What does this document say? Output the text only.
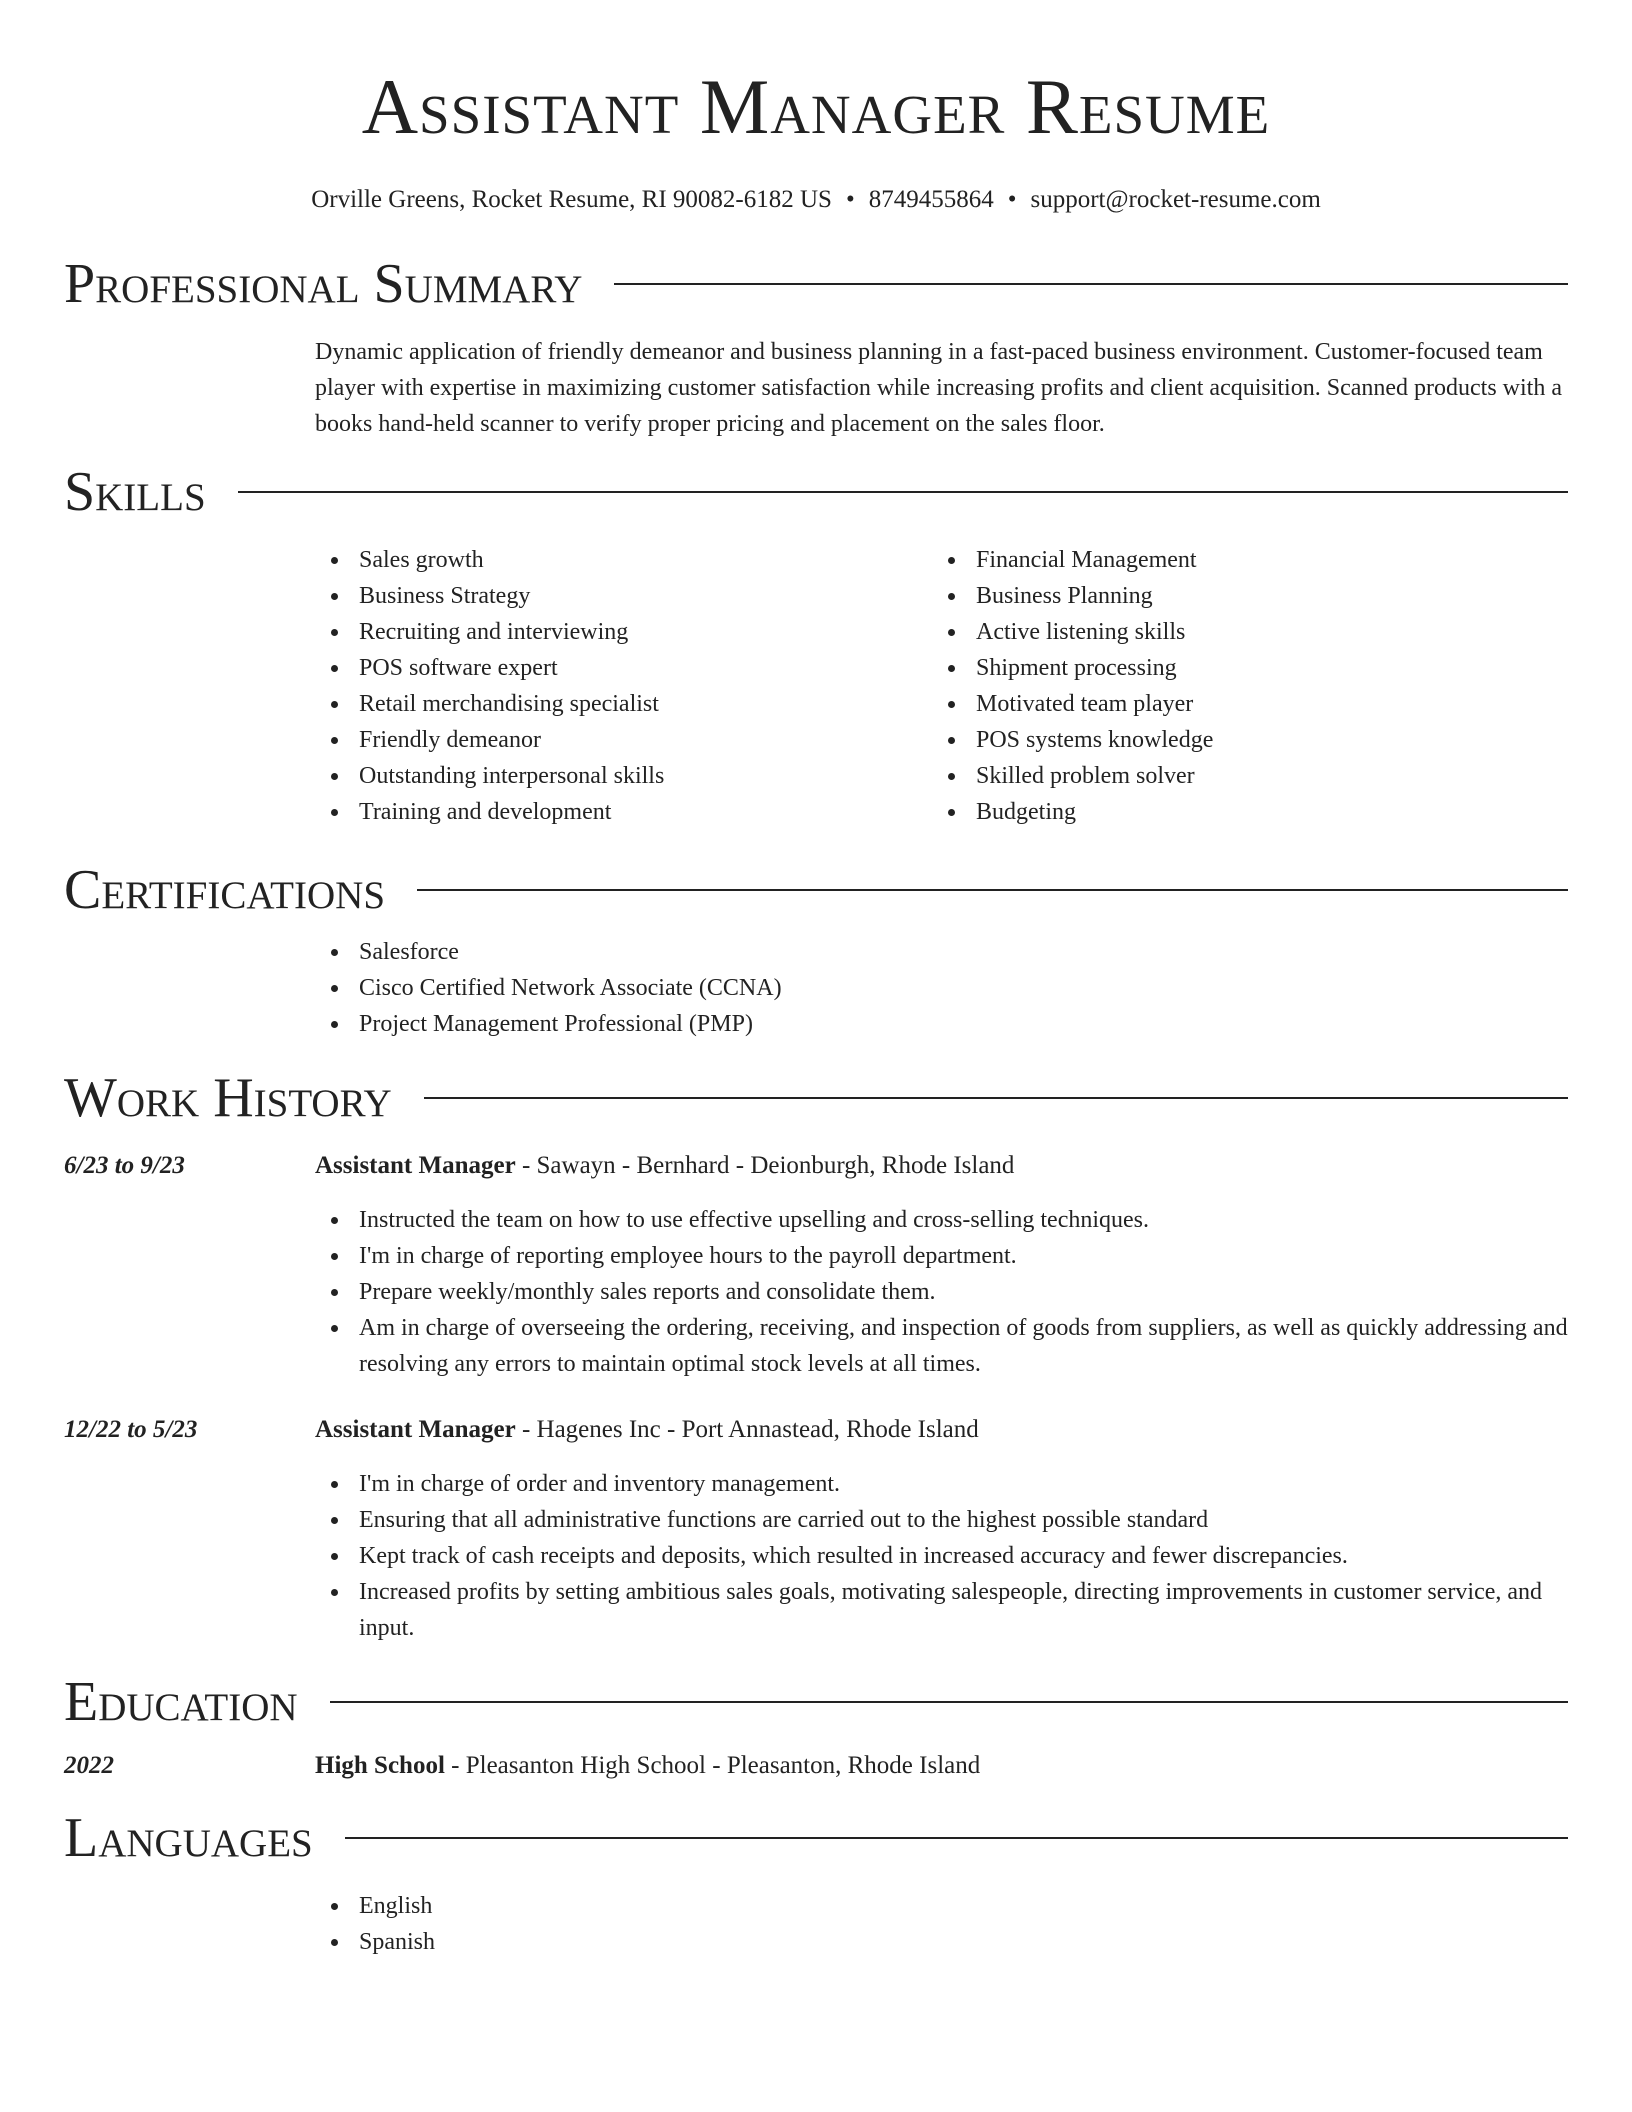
Assistant Manager Resume
Orville Greens, Rocket Resume, RI 90082-6182 US • 8749455864 • support@rocket-resume.com
Professional Summary

Dynamic application of friendly demeanor and business planning in a fast-paced business environment. Customer-focused team player with expertise in maximizing customer satisfaction while increasing profits and client acquisition. Scanned products with a books hand-held scanner to verify proper pricing and placement on the sales floor.

Skills
Sales growth
Business Strategy
Recruiting and interviewing
POS software expert
Retail merchandising specialist
Friendly demeanor
Outstanding interpersonal skills
Training and development
Financial Management
Business Planning
Active listening skills
Shipment processing
Motivated team player
POS systems knowledge
Skilled problem solver
Budgeting
Certifications
Salesforce
Cisco Certified Network Associate (CCNA)
Project Management Professional (PMP)
Work History
6/23 to 9/23	Assistant Manager - Sawayn - Bernhard - Deionburgh, Rhode Island
Instructed the team on how to use effective upselling and cross-selling techniques.
I'm in charge of reporting employee hours to the payroll department.
Prepare weekly/monthly sales reports and consolidate them.
Am in charge of overseeing the ordering, receiving, and inspection of goods from suppliers, as well as quickly addressing and resolving any errors to maintain optimal stock levels at all times.
12/22 to 5/23	Assistant Manager - Hagenes Inc - Port Annastead, Rhode Island
I'm in charge of order and inventory management.
Ensuring that all administrative functions are carried out to the highest possible standard
Kept track of cash receipts and deposits, which resulted in increased accuracy and fewer discrepancies.
Increased profits by setting ambitious sales goals, motivating salespeople, directing improvements in customer service, and input.
Education
2022	High School - Pleasanton High School - Pleasanton, Rhode Island
Languages
English
Spanish
